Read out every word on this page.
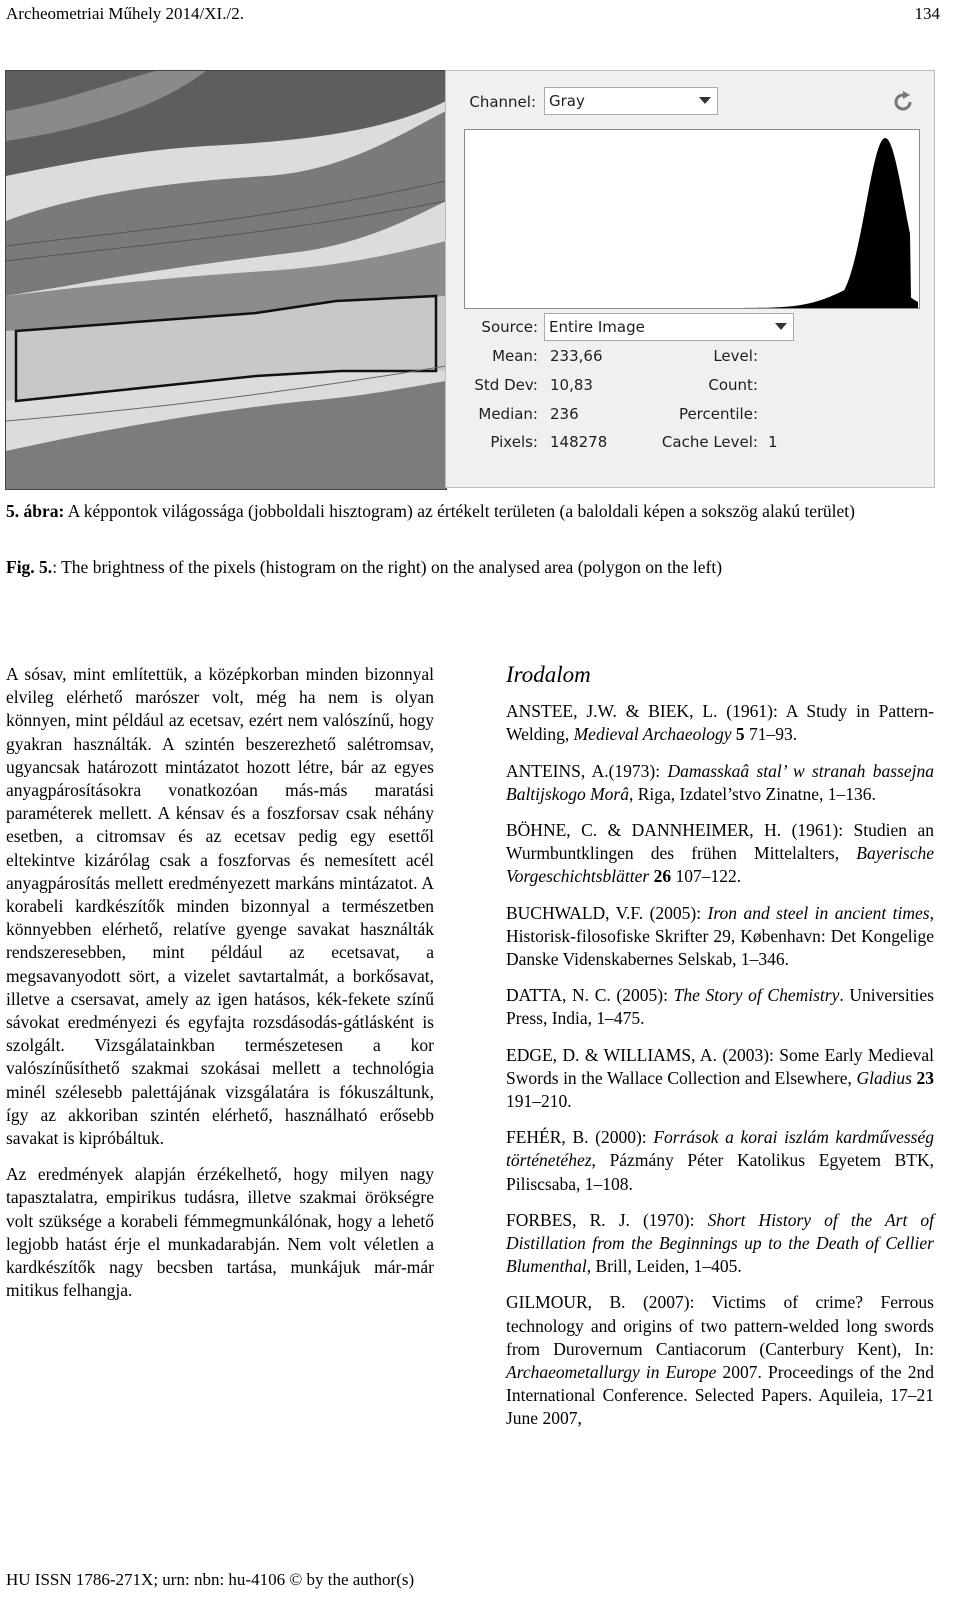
Archeometriai Műhely 2014/XI./2.	134
Channel: Gray
Source: Entire Image
Mean: 233,66
Std Dev: 10,83
Median: 236
Pixels: 148278
Level:
Count:
Percentile:
Cache Level: 1
5. ábra: A képpontok világossága (jobboldali hisztogram) az értékelt területen (a baloldali képen a sokszög alakú terület)
Fig. 5.: The brightness of the pixels (histogram on the right) on the analysed area (polygon on the left)

A sósav, mint említettük, a középkorban minden bizonnyal elvileg elérhető marószer volt, még ha nem is olyan könnyen, mint például az ecetsav, ezért nem valószínű, hogy gyakran használták. A szintén beszerezhető salétromsav, ugyancsak határozott mintázatot hozott létre, bár az egyes anyagpárosításokra vonatkozóan más-más maratási paraméterek mellett. A kénsav és a foszforsav csak néhány esetben, a citromsav és az ecetsav pedig egy esettől eltekintve kizárólag csak a foszforvas és nemesített acél anyagpárosítás mellett eredményezett markáns mintázatot. A korabeli kardkészítők minden bizonnyal a természetben könnyebben elérhető, relatíve gyenge savakat használták rendszeresebben, mint például az ecetsavat, a megsavanyodott sört, a vizelet savtartalmát, a borkősavat, illetve a csersavat, amely az igen hatásos, kék-fekete színű sávokat eredményezi és egyfajta rozsdásodás-gátlásként is szolgált. Vizsgálatainkban természetesen a kor valószínűsíthető szakmai szokásai mellett a technológia minél szélesebb palettájának vizsgálatára is fókuszáltunk, így az akkoriban szintén elérhető, használható erősebb savakat is kipróbáltuk.

Az eredmények alapján érzékelhető, hogy milyen nagy tapasztalatra, empirikus tudásra, illetve szakmai örökségre volt szüksége a korabeli fémmegmunkálónak, hogy a lehető legjobb hatást érje el munkadarabján. Nem volt véletlen a kardkészítők nagy becsben tartása, munkájuk már-már mitikus felhangja.

Irodalom

ANSTEE, J.W. & BIEK, L. (1961): A Study in Pattern-Welding, Medieval Archaeology 5 71–93.

ANTEINS, A.(1973): Damasskaâ stal’ w stranah bassejna Baltijskogo Morâ, Riga, Izdatel’stvo Zinatne, 1–136.

BÖHNE, C. & DANNHEIMER, H. (1961): Studien an Wurmbuntklingen des frühen Mittelalters, Bayerische Vorgeschichtsblätter 26 107–122.

BUCHWALD, V.F. (2005): Iron and steel in ancient times, Historisk-filosofiske Skrifter 29, København: Det Kongelige Danske Videnskabernes Selskab, 1–346.

DATTA, N. C. (2005): The Story of Chemistry. Universities Press, India, 1–475.

EDGE, D. & WILLIAMS, A. (2003): Some Early Medieval Swords in the Wallace Collection and Elsewhere, Gladius 23 191–210.

FEHÉR, B. (2000): Források a korai iszlám kardművesség történetéhez, Pázmány Péter Katolikus Egyetem BTK, Piliscsaba, 1–108.

FORBES, R. J. (1970): Short History of the Art of Distillation from the Beginnings up to the Death of Cellier Blumenthal, Brill, Leiden, 1–405.

GILMOUR, B. (2007): Victims of crime? Ferrous technology and origins of two pattern-welded long swords from Durovernum Cantiacorum (Canterbury Kent), In: Archaeometallurgy in Europe 2007. Proceedings of the 2nd International Conference. Selected Papers. Aquileia, 17–21 June 2007,

HU ISSN 1786-271X; urn: nbn: hu-4106 © by the author(s)
